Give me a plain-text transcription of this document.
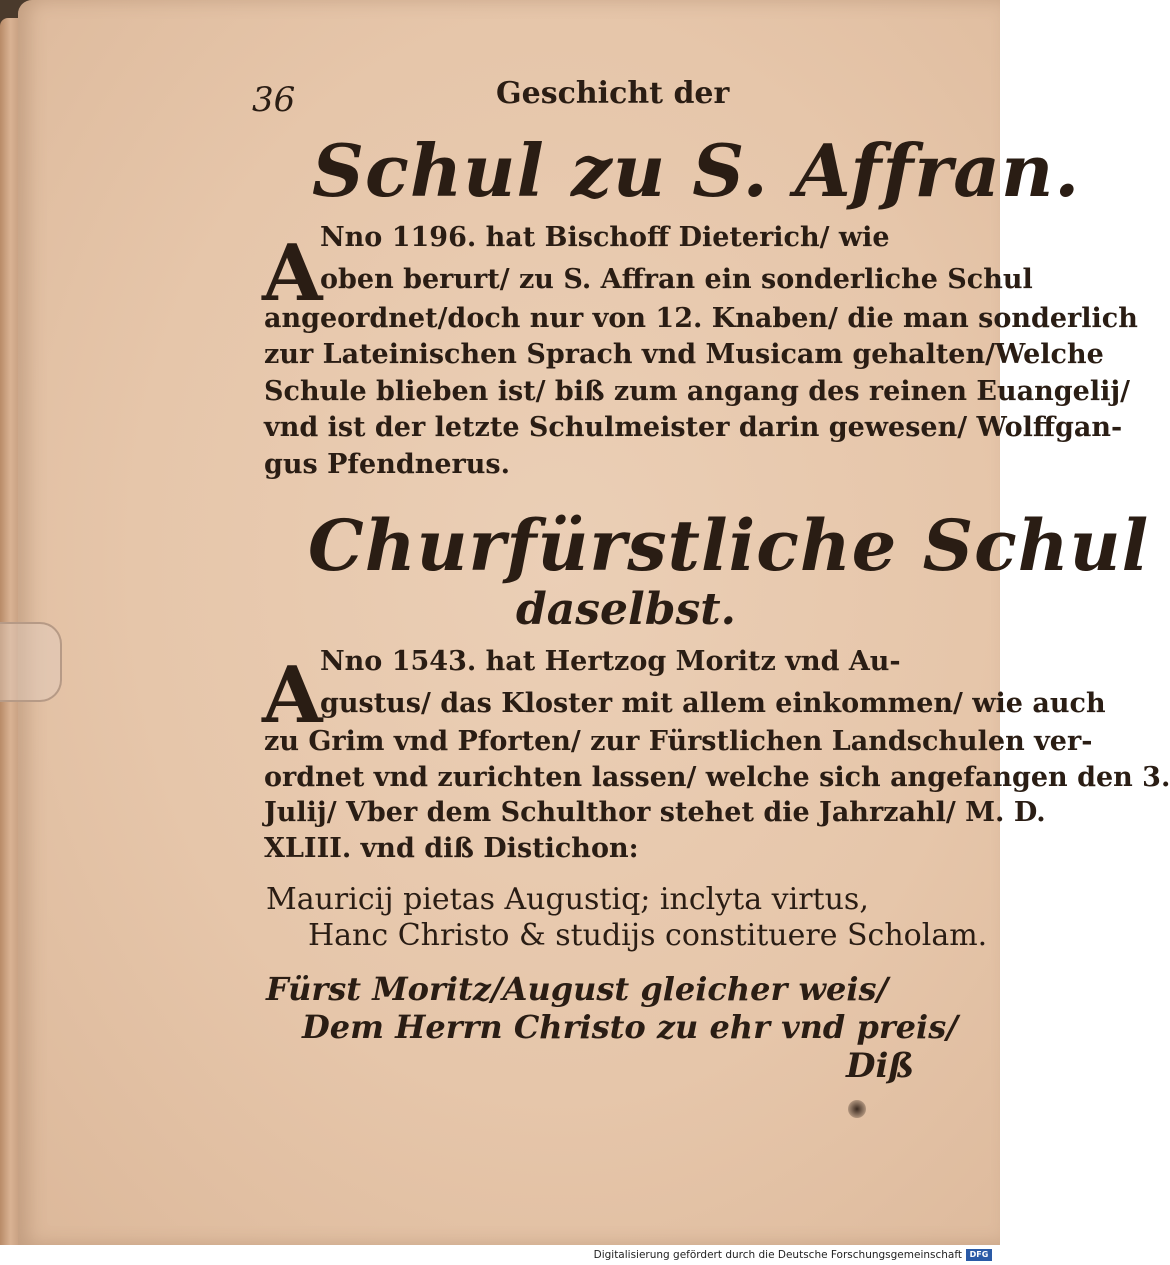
36	Geschicht der
Schul zu S. Affran.
A
Nno 1196. hat Bischoff Dieterich/ wie
oben berurt/ zu S. Affran ein sonderliche Schul
angeordnet/doch nur von 12. Knaben/ die man sonderlich
zur Lateinischen Sprach vnd Musicam gehalten/Welche
Schule blieben ist/ biß zum angang des reinen Euangelij/
vnd ist der letzte Schulmeister darin gewesen/ Wolffgan-
gus Pfendnerus.
Churfürstliche Schul
daselbst.
A
Nno 1543. hat Hertzog Moritz vnd Au-
gustus/ das Kloster mit allem einkommen/ wie auch
zu Grim vnd Pforten/ zur Fürstlichen Landschulen ver-
ordnet vnd zurichten lassen/ welche sich angefangen den 3.
Julij/ Vber dem Schulthor stehet die Jahrzahl/ M. D.
XLIII. vnd diß Distichon:
Mauricij pietas Augustiq; inclyta virtus,
Hanc Christo & studijs constituere Scholam.
Fürst Moritz/August gleicher weis/
Dem Herrn Christo zu ehr vnd preis/
Diß
Digitalisierung gefördert durch die Deutsche Forschungsgemeinschaft DFG
